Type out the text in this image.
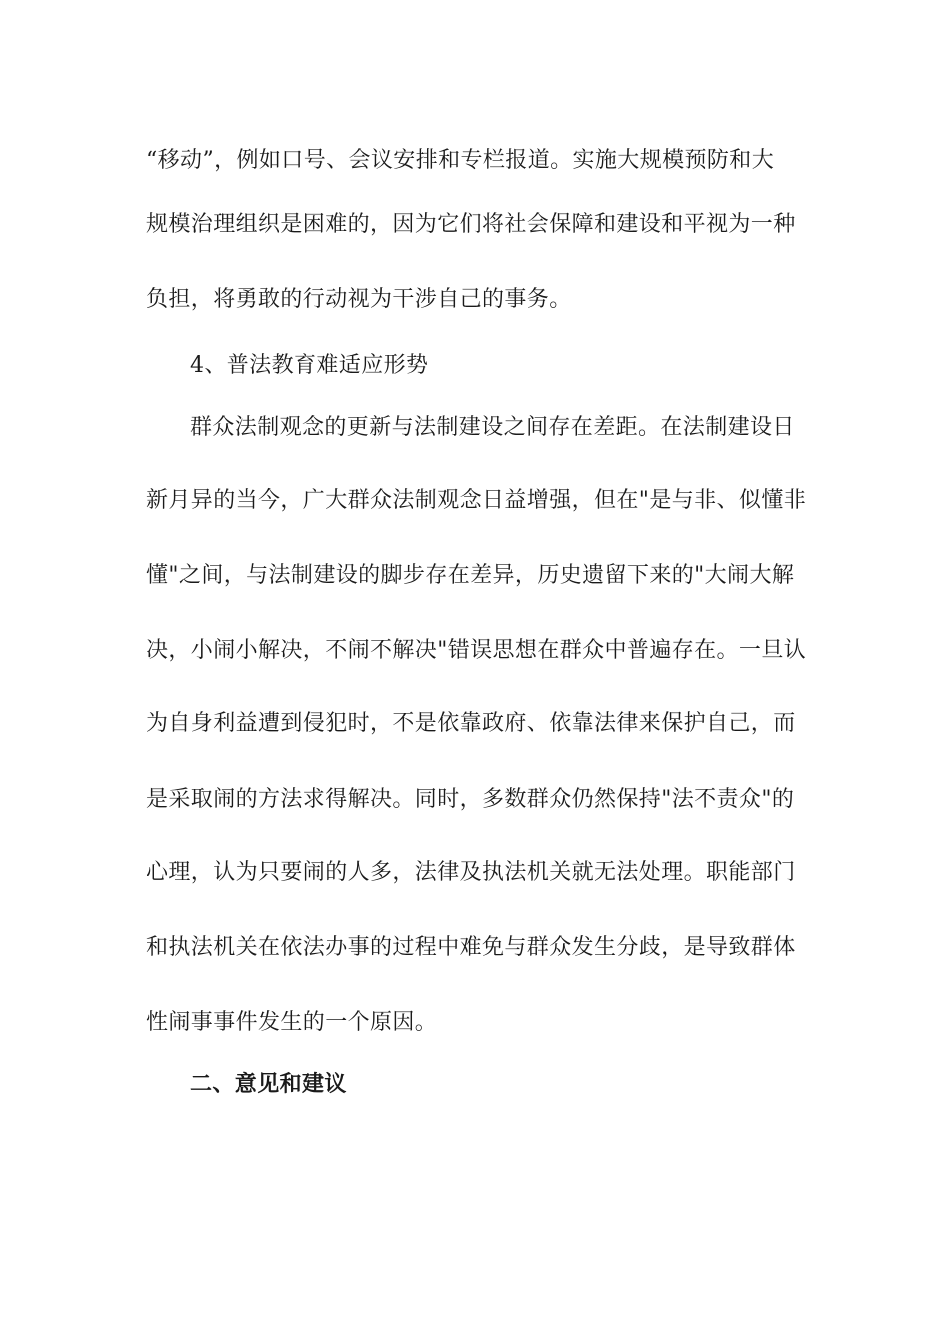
“移动”，例如口号、会议安排和专栏报道。实施大规模预防和大
规模治理组织是困难的，因为它们将社会保障和建设和平视为一种
负担，将勇敢的行动视为干涉自己的事务。
4、普法教育难适应形势
群众法制观念的更新与法制建设之间存在差距。在法制建设日
新月异的当今，广大群众法制观念日益增强，但在"是与非、似懂非
懂"之间，与法制建设的脚步存在差异，历史遗留下来的"大闹大解
决，小闹小解决，不闹不解决"错误思想在群众中普遍存在。一旦认
为自身利益遭到侵犯时，不是依靠政府、依靠法律来保护自己，而
是采取闹的方法求得解决。同时，多数群众仍然保持"法不责众"的
心理，认为只要闹的人多，法律及执法机关就无法处理。职能部门
和执法机关在依法办事的过程中难免与群众发生分歧，是导致群体
性闹事事件发生的一个原因。
二、意见和建议
